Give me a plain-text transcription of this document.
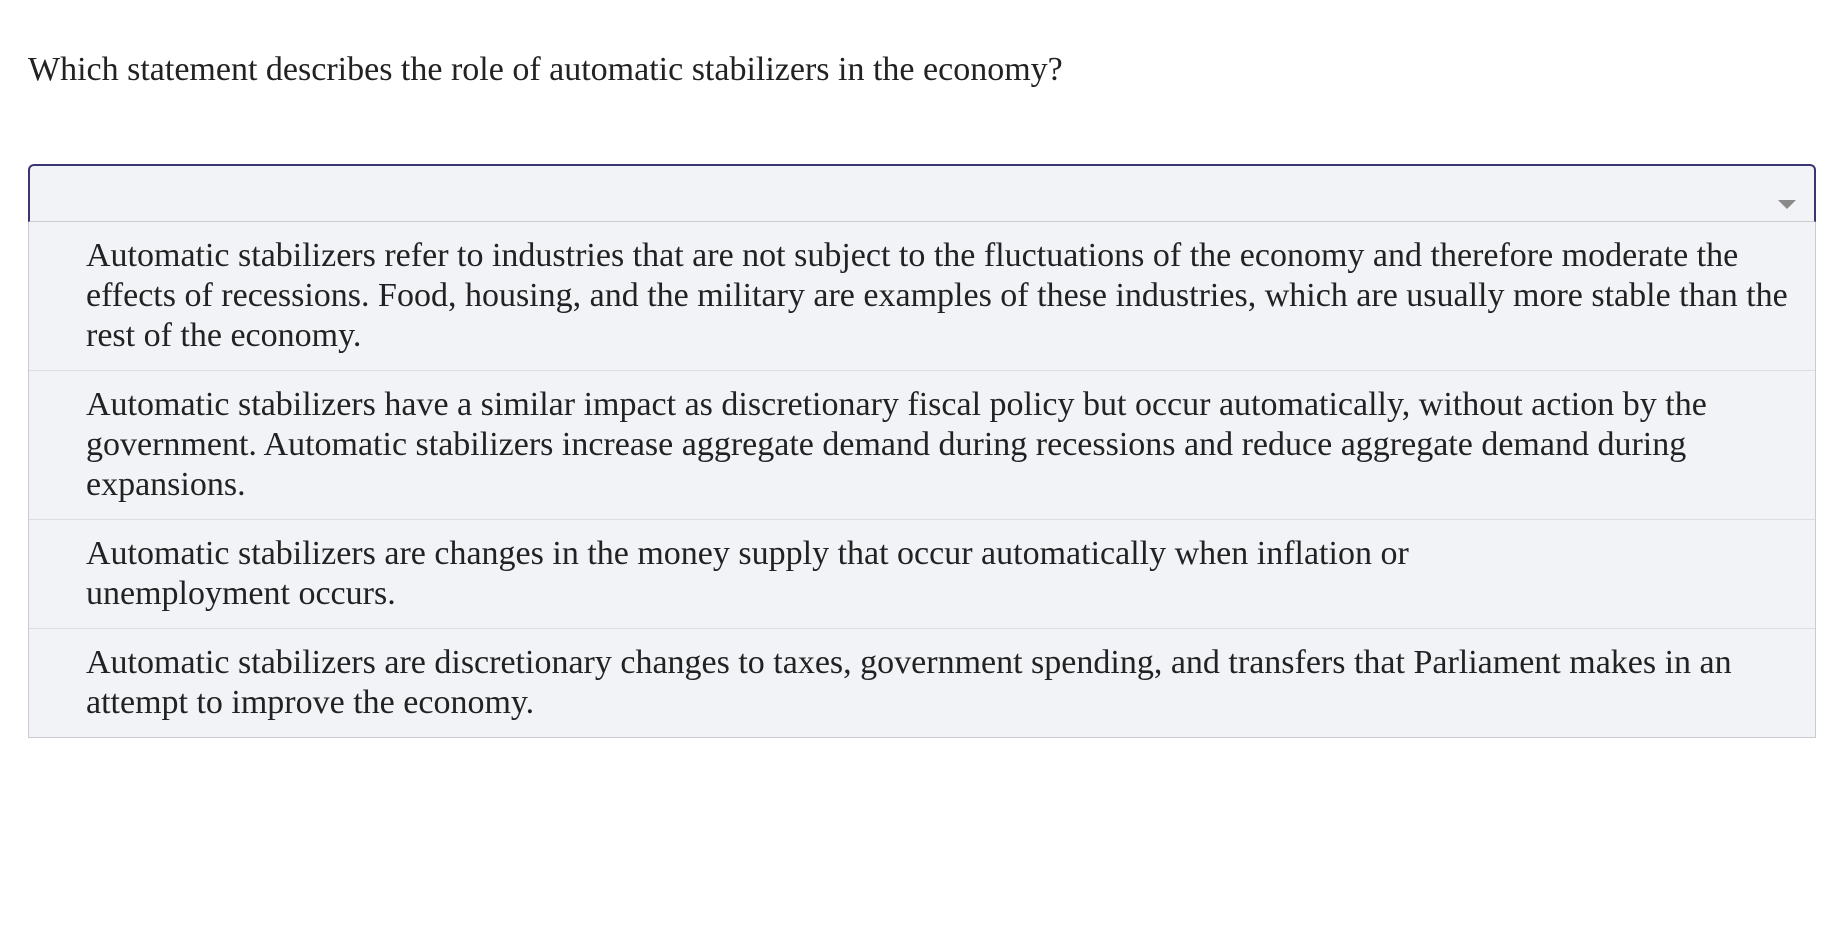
Which statement describes the role of automatic stabilizers in the economy?
Automatic stabilizers refer to industries that are not subject to the fluctuations of the economy and therefore moderate the effects of recessions. Food, housing, and the military are examples of these industries, which are usually more stable than the rest of the economy.
Automatic stabilizers have a similar impact as discretionary fiscal policy but occur automatically, without action by the government. Automatic stabilizers increase aggregate demand during recessions and reduce aggregate demand during expansions.
Automatic stabilizers are changes in the money supply that occur automatically when inflation or unemployment occurs.
Automatic stabilizers are discretionary changes to taxes, government spending, and transfers that Parliament makes in an attempt to improve the economy.
